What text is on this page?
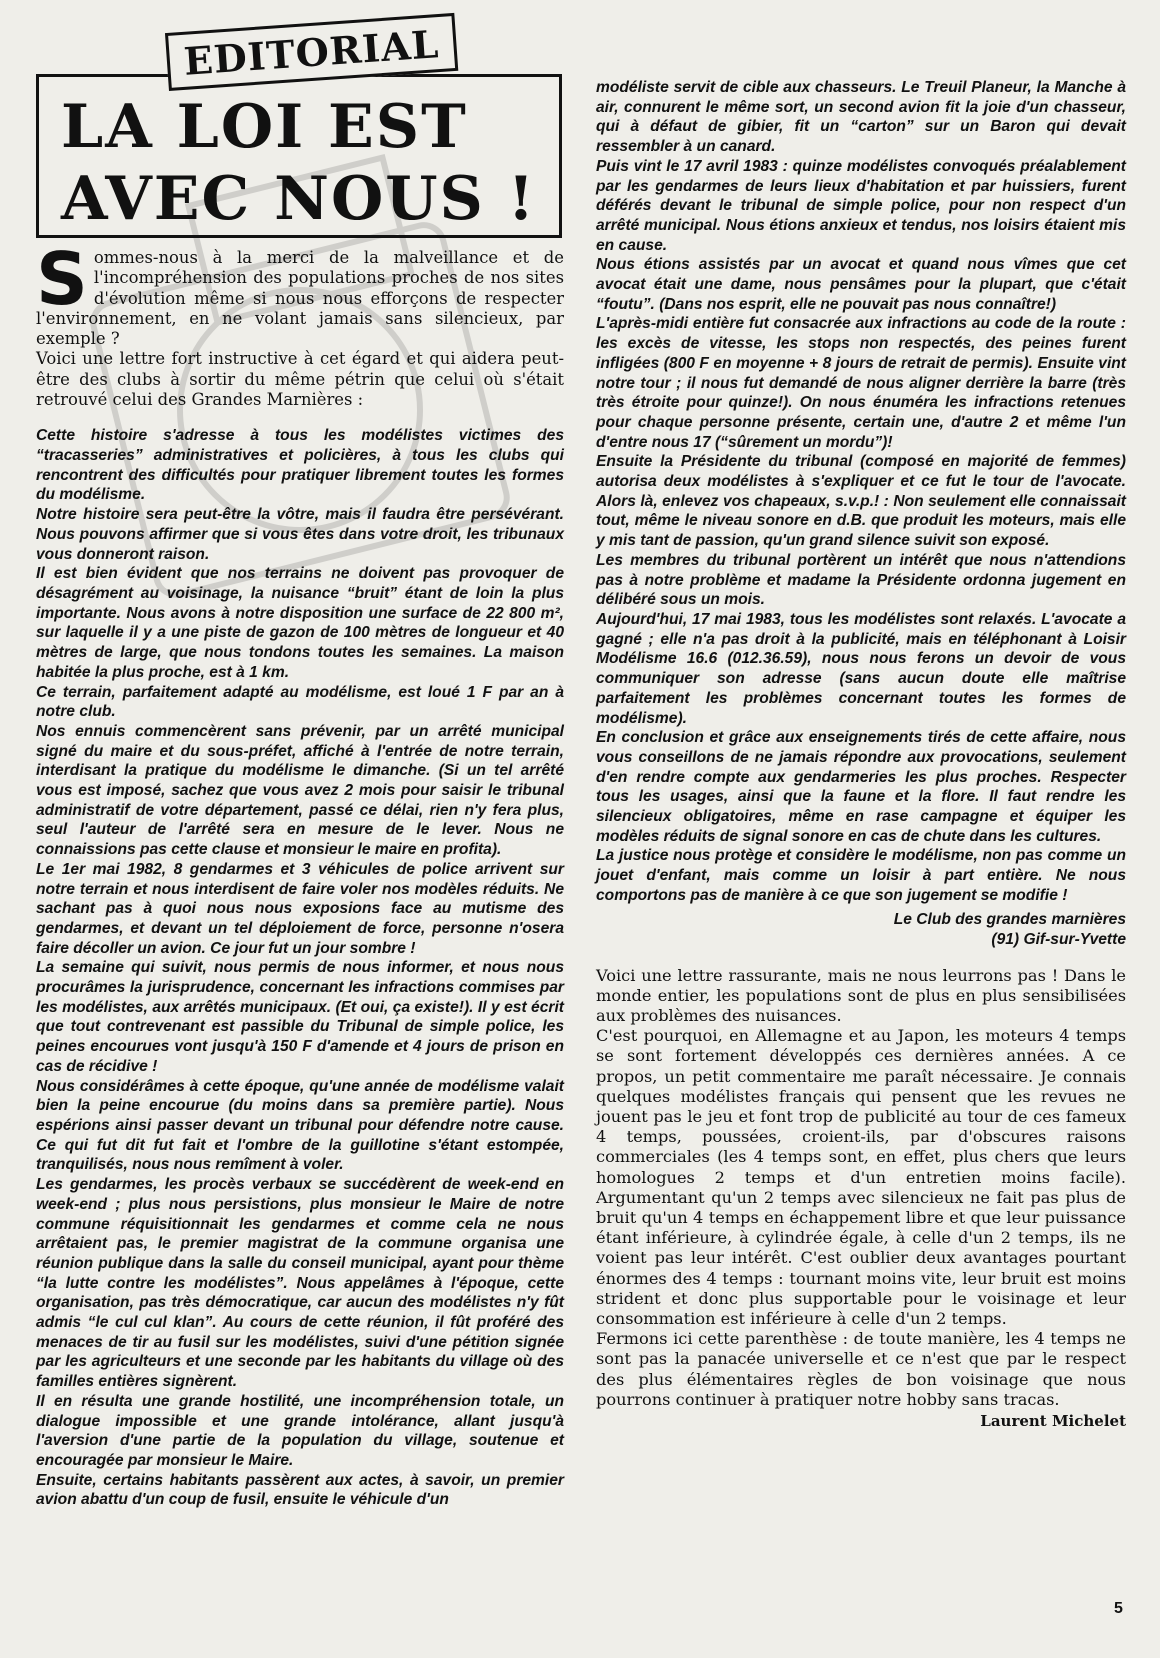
EDITORIAL
LA LOI EST
AVEC NOUS !

Sommes-nous à la merci de la malveillance et de l'incompréhension des populations proches de nos sites d'évolution même si nous nous efforçons de respecter l'environnement, en ne volant jamais sans silencieux, par exemple ?

Voici une lettre fort instructive à cet égard et qui aidera peut-être des clubs à sortir du même pétrin que celui où s'était retrouvé celui des Grandes Marnières :

Cette histoire s'adresse à tous les modélistes victimes des “tracasseries” administratives et policières, à tous les clubs qui rencontrent des difficultés pour pratiquer librement toutes les formes du modélisme.

Notre histoire sera peut-être la vôtre, mais il faudra être persévérant. Nous pouvons affirmer que si vous êtes dans votre droit, les tribunaux vous donneront raison.

Il est bien évident que nos terrains ne doivent pas provoquer de désagrément au voisinage, la nuisance “bruit” étant de loin la plus importante. Nous avons à notre disposition une surface de 22 800 m², sur laquelle il y a une piste de gazon de 100 mètres de longueur et 40 mètres de large, que nous tondons toutes les semaines. La maison habitée la plus proche, est à 1 km.

Ce terrain, parfaitement adapté au modélisme, est loué 1 F par an à notre club.

Nos ennuis commencèrent sans prévenir, par un arrêté municipal signé du maire et du sous-préfet, affiché à l'entrée de notre terrain, interdisant la pratique du modélisme le dimanche. (Si un tel arrêté vous est imposé, sachez que vous avez 2 mois pour saisir le tribunal administratif de votre département, passé ce délai, rien n'y fera plus, seul l'auteur de l'arrêté sera en mesure de le lever. Nous ne connaissions pas cette clause et monsieur le maire en profita).

Le 1er mai 1982, 8 gendarmes et 3 véhicules de police arrivent sur notre terrain et nous interdisent de faire voler nos modèles réduits. Ne sachant pas à quoi nous nous exposions face au mutisme des gendarmes, et devant un tel déploiement de force, personne n'osera faire décoller un avion. Ce jour fut un jour sombre !

La semaine qui suivit, nous permis de nous informer, et nous nous procurâmes la jurisprudence, concernant les infractions commises par les modélistes, aux arrêtés municipaux. (Et oui, ça existe!). Il y est écrit que tout contrevenant est passible du Tribunal de simple police, les peines encourues vont jusqu'à 150 F d'amende et 4 jours de prison en cas de récidive !

Nous considérâmes à cette époque, qu'une année de modélisme valait bien la peine encourue (du moins dans sa première partie). Nous espérions ainsi passer devant un tribunal pour défendre notre cause. Ce qui fut dit fut fait et l'ombre de la guillotine s'étant estompée, tranquilisés, nous nous remîment à voler.

Les gendarmes, les procès verbaux se succédèrent de week-end en week-end ; plus nous persistions, plus monsieur le Maire de notre commune réquisitionnait les gendarmes et comme cela ne nous arrêtaient pas, le premier magistrat de la commune organisa une réunion publique dans la salle du conseil municipal, ayant pour thème “la lutte contre les modélistes”. Nous appelâmes à l'époque, cette organisation, pas très démocratique, car aucun des modélistes n'y fût admis “le cul cul klan”. Au cours de cette réunion, il fût proféré des menaces de tir au fusil sur les modélistes, suivi d'une pétition signée par les agriculteurs et une seconde par les habitants du village où des familles entières signèrent.

Il en résulta une grande hostilité, une incompréhension totale, un dialogue impossible et une grande intolérance, allant jusqu'à l'aversion d'une partie de la population du village, soutenue et encouragée par monsieur le Maire.

Ensuite, certains habitants passèrent aux actes, à savoir, un premier avion abattu d'un coup de fusil, ensuite le véhicule d'un

modéliste servit de cible aux chasseurs. Le Treuil Planeur, la Manche à air, connurent le même sort, un second avion fit la joie d'un chasseur, qui à défaut de gibier, fit un “carton” sur un Baron qui devait ressembler à un canard.

Puis vint le 17 avril 1983 : quinze modélistes convoqués préalablement par les gendarmes de leurs lieux d'habitation et par huissiers, furent déférés devant le tribunal de simple police, pour non respect d'un arrêté municipal. Nous étions anxieux et tendus, nos loisirs étaient mis en cause.

Nous étions assistés par un avocat et quand nous vîmes que cet avocat était une dame, nous pensâmes pour la plupart, que c'était “foutu”. (Dans nos esprit, elle ne pouvait pas nous connaître!)

L'après-midi entière fut consacrée aux infractions au code de la route : les excès de vitesse, les stops non respectés, des peines furent infligées (800 F en moyenne + 8 jours de retrait de permis). Ensuite vint notre tour ; il nous fut demandé de nous aligner derrière la barre (très très étroite pour quinze!). On nous énuméra les infractions retenues pour chaque personne présente, certain une, d'autre 2 et même l'un d'entre nous 17 (“sûrement un mordu”)!

Ensuite la Présidente du tribunal (composé en majorité de femmes) autorisa deux modélistes à s'expliquer et ce fut le tour de l'avocate. Alors là, enlevez vos chapeaux, s.v.p.! : Non seulement elle connaissait tout, même le niveau sonore en d.B. que produit les moteurs, mais elle y mis tant de passion, qu'un grand silence suivit son exposé.

Les membres du tribunal portèrent un intérêt que nous n'attendions pas à notre problème et madame la Présidente ordonna jugement en délibéré sous un mois.

Aujourd'hui, 17 mai 1983, tous les modélistes sont relaxés. L'avocate a gagné ; elle n'a pas droit à la publicité, mais en téléphonant à Loisir Modélisme 16.6 (012.36.59), nous nous ferons un devoir de vous communiquer son adresse (sans aucun doute elle maîtrise parfaitement les problèmes concernant toutes les formes de modélisme).

En conclusion et grâce aux enseignements tirés de cette affaire, nous vous conseillons de ne jamais répondre aux provocations, seulement d'en rendre compte aux gendarmeries les plus proches. Respecter tous les usages, ainsi que la faune et la flore. Il faut rendre les silencieux obligatoires, même en rase campagne et équiper les modèles réduits de signal sonore en cas de chute dans les cultures.

La justice nous protège et considère le modélisme, non pas comme un jouet d'enfant, mais comme un loisir à part entière. Ne nous comportons pas de manière à ce que son jugement se modifie !

Le Club des grandes marnières
(91) Gif-sur-Yvette

Voici une lettre rassurante, mais ne nous leurrons pas ! Dans le monde entier, les populations sont de plus en plus sensibilisées aux problèmes des nuisances.

C'est pourquoi, en Allemagne et au Japon, les moteurs 4 temps se sont fortement développés ces dernières années. A ce propos, un petit commentaire me paraît nécessaire. Je connais quelques modélistes français qui pensent que les revues ne jouent pas le jeu et font trop de publicité au tour de ces fameux 4 temps, poussées, croient-ils, par d'obscures raisons commerciales (les 4 temps sont, en effet, plus chers que leurs homologues 2 temps et d'un entretien moins facile). Argumentant qu'un 2 temps avec silencieux ne fait pas plus de bruit qu'un 4 temps en échappement libre et que leur puissance étant inférieure, à cylindrée égale, à celle d'un 2 temps, ils ne voient pas leur intérêt. C'est oublier deux avantages pourtant énormes des 4 temps : tournant moins vite, leur bruit est moins strident et donc plus supportable pour le voisinage et leur consommation est inférieure à celle d'un 2 temps.

Fermons ici cette parenthèse : de toute manière, les 4 temps ne sont pas la panacée universelle et ce n'est que par le respect des plus élémentaires règles de bon voisinage que nous pourrons continuer à pratiquer notre hobby sans tracas.

Laurent Michelet
5
